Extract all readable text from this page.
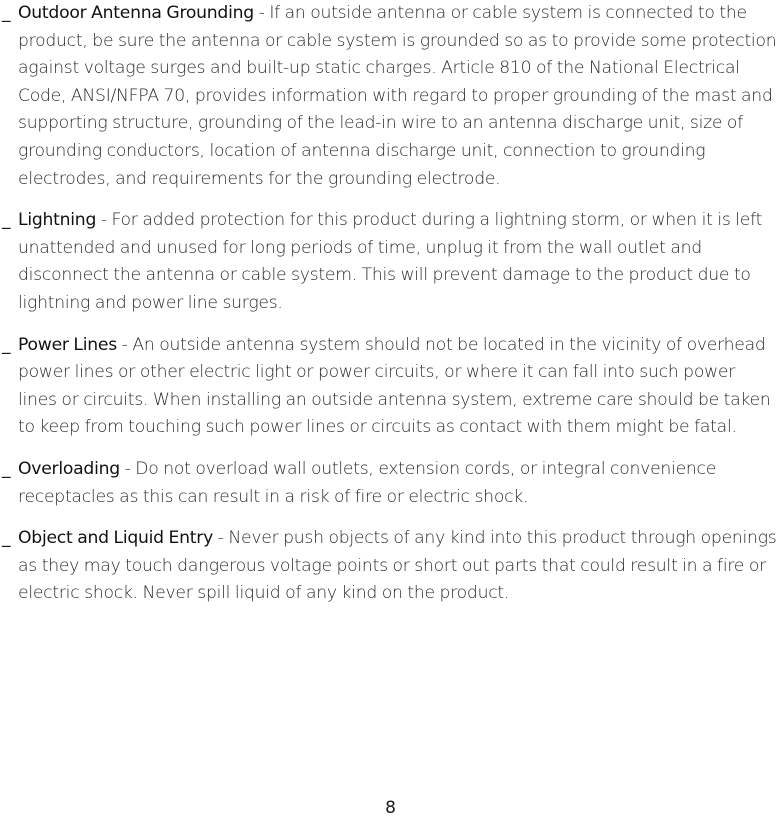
_ Outdoor Antenna Grounding - If an outside antenna or cable system is connected to the product, be sure the antenna or cable system is grounded so as to provide some protection against voltage surges and built-up static charges. Article 810 of the National Electrical Code, ANSI/NFPA 70, provides information with regard to proper grounding of the mast and supporting structure, grounding of the lead-in wire to an antenna discharge unit, size of grounding conductors, location of antenna discharge unit, connection to grounding electrodes, and requirements for the grounding electrode.

_ Lightning - For added protection for this product during a lightning storm, or when it is left unattended and unused for long periods of time, unplug it from the wall outlet and disconnect the antenna or cable system. This will prevent damage to the product due to lightning and power line surges.

_ Power Lines - An outside antenna system should not be located in the vicinity of overhead power lines or other electric light or power circuits, or where it can fall into such power lines or circuits. When installing an outside antenna system, extreme care should be taken to keep from touching such power lines or circuits as contact with them might be fatal.

_ Overloading - Do not overload wall outlets, extension cords, or integral convenience receptacles as this can result in a risk of fire or electric shock.

_ Object and Liquid Entry - Never push objects of any kind into this product through openings as they may touch dangerous voltage points or short out parts that could result in a fire or electric shock. Never spill liquid of any kind on the product.

8
